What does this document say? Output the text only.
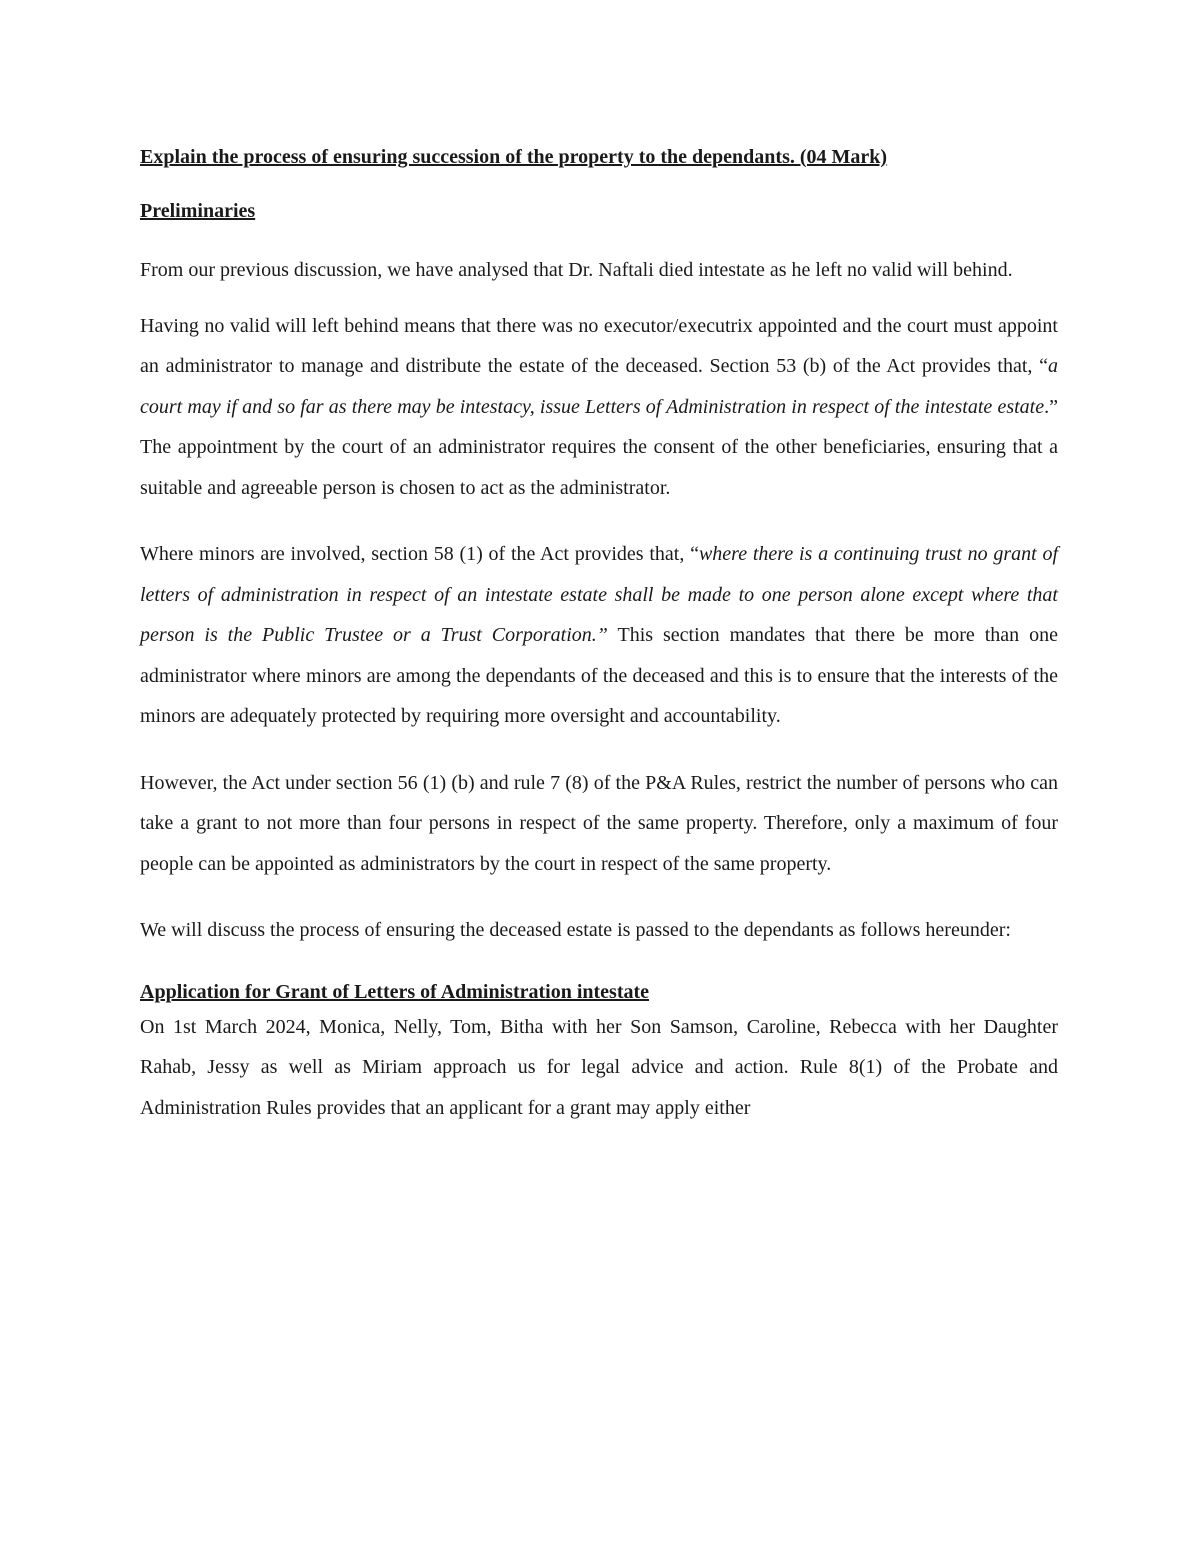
Explain the process of ensuring succession of the property to the dependants. (04 Mark)
Preliminaries

From our previous discussion, we have analysed that Dr. Naftali died intestate as he left no valid will behind.

Having no valid will left behind means that there was no executor/executrix appointed and the court must appoint an administrator to manage and distribute the estate of the deceased. Section 53 (b) of the Act provides that, “a court may if and so far as there may be intestacy, issue Letters of Administration in respect of the intestate estate.” The appointment by the court of an administrator requires the consent of the other beneficiaries, ensuring that a suitable and agreeable person is chosen to act as the administrator.

Where minors are involved, section 58 (1) of the Act provides that, “where there is a continuing trust no grant of letters of administration in respect of an intestate estate shall be made to one person alone except where that person is the Public Trustee or a Trust Corporation.” This section mandates that there be more than one administrator where minors are among the dependants of the deceased and this is to ensure that the interests of the minors are adequately protected by requiring more oversight and accountability.

However, the Act under section 56 (1) (b) and rule 7 (8) of the P&A Rules, restrict the number of persons who can take a grant to not more than four persons in respect of the same property. Therefore, only a maximum of four people can be appointed as administrators by the court in respect of the same property.

We will discuss the process of ensuring the deceased estate is passed to the dependants as follows hereunder:

Application for Grant of Letters of Administration intestate

On 1st March 2024, Monica, Nelly, Tom, Bitha with her Son Samson, Caroline, Rebecca with her Daughter Rahab, Jessy as well as Miriam approach us for legal advice and action. Rule 8(1) of the Probate and Administration Rules provides that an applicant for a grant may apply either
